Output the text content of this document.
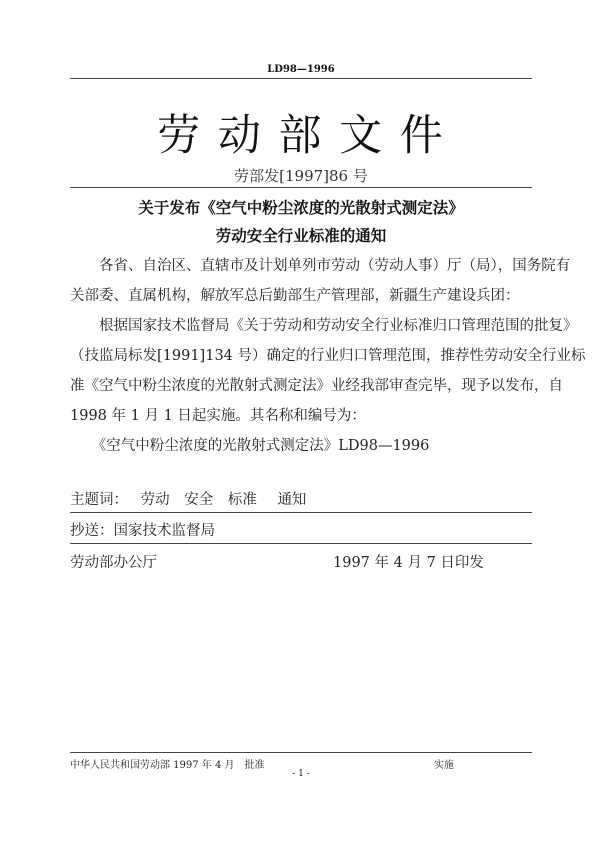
LD98—1996
劳 动 部 文 件
劳部发[1997]86 号
关于发布《空气中粉尘浓度的光散射式测定法》
劳动安全行业标准的通知
　　各省、自治区、直辖市及计划单列市劳动（劳动人事）厅（局），国务院有
关部委、直属机构，解放军总后勤部生产管理部，新疆生产建设兵团：
　　根据国家技术监督局《关于劳动和劳动安全行业标准归口管理范围的批复》
（技监局标发[1991]134 号）确定的行业归口管理范围，推荐性劳动安全行业标
准《空气中粉尘浓度的光散射式测定法》业经我部审查完毕，现予以发布，自
1998 年 1 月 1 日起实施。其名称和编号为：
　　《空气中粉尘浓度的光散射式测定法》LD98—1996
主题词： 劳动 安全 标准 通知
抄送：国家技术监督局
劳动部办公厅	1997 年 4 月 7 日印发
中华人民共和国劳动部 1997 年 4 月　批准	实施
- 1 -
